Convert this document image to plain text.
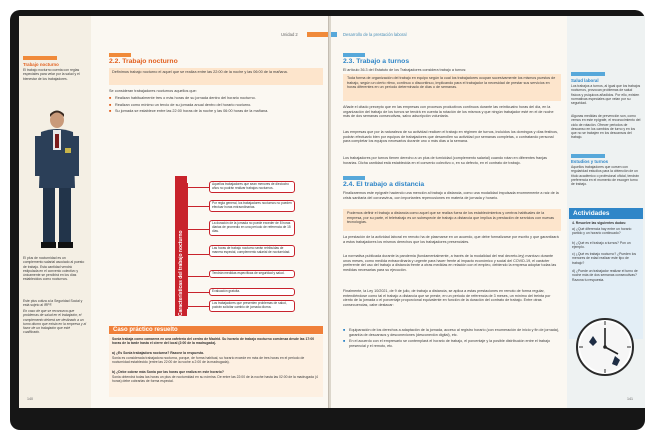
Unidad 2
Trabajo nocturno
El trabajo nocturno cuenta con reglas especiales para velar por la salud y el bienestar de los trabajadores.
El plus de nocturnidad es un complemento salarial asociado al puesto de trabajo. Esta cantidad vendrá estipulada en el convenio colectivo y únicamente se percibirá en los días establecidos como nocturnos.
Este plus cotiza a la Seguridad Social y está sujeto al IRPF.
En caso de que se reconozca que problemas de salud en el trabajador, el complemento deberá ser destinado a un turno diurno que exista en la empresa y al favor de un trabajador que esté cualificado.
2.2. Trabajo nocturno
Definimos trabajo nocturno el aquel que se realiza entre las 22:00 de la noche y las 06:00 de la mañana.
Se consideran trabajadores nocturnos aquellos que:
■ Realizan habitualmente tres o más horas de su jornada dentro del horario nocturno.
■ Realizan como mínimo un tercio de su jornada anual dentro del horario nocturno.
■ Su jornada se establece entre las 22:00 horas de la noche y las 06:00 horas de la mañana.
Aquellos trabajadores que sean menores de dieciocho años no podrán realizar trabajos nocturnos.
Por regla general, los trabajadores nocturnos no pueden efectuar horas extraordinarias.
La duración de la jornada no puede exceder de 8 horas diarias de promedio en una período de referencia de 15 días.
Las horas de trabajo nocturno serán retribuidas de manera especial, complemento salarial de nocturnidad.
Tendrán medidas específicas de seguridad y salud.
Evaluación gratuita.
Los trabajadores que presenten problemas de salud, podrán solicitar cambio de jornada diurna.
Caso práctico resuelto
Sonia trabaja como camarera en una cafetería del centro de Madrid. Su horario de trabajo nocturno comienza desde las 17:00 horas de la tarde hasta el cierre del local (2:00 de la madrugada).
a) ¿Es Sonia trabajadora nocturna? Razone la respuesta.
Sonia es considerada trabajadora nocturna, porque, de forma habitual, su horario excede en más de tres horas en el periodo de nocturnidad establecido (entre las 22:00 de la noche a 2:00 de la madrugada).
b) ¿Debe cobrar más Sonia por las horas que realiza en este horario?
Sonia obtendrá todas las horas un plus de nocturnidad en su nómina. De entre las 22:00 de la noche hasta las 02:00 de la madrugada (4 horas) debe cobrarlas de forma especial.
140
Desarrollo de la prestación laboral
2.3. Trabajo a turnos
El artículo 36.3 del Estatuto de los Trabajadores considera trabajo a turnos:
Toda forma de organización del trabajo en equipo según la cual los trabajadores ocupan sucesivamente los mismos puestos de trabajo, según un cierto ritmo, continuo o discontinuo, implicando para el trabajador la necesidad de prestar sus servicios en horas diferentes en un período determinado de días o de semanas.
Añade el citado precepto que en las empresas con procesos productivos continuos durante las veinticuatro horas del día, en la organización del trabajo de los turnos se tendrá en cuenta la rotación de los mismos y que ningún trabajador esté en el de noche más de dos semanas consecutivas, salvo adscripción voluntaria.
Las empresas que por la naturaleza de su actividad realicen el trabajo en régimen de turnos, incluidos los domingos y días festivos, podrán efectuarlo bien por equipos de trabajadores que desarrollen su actividad por semanas completas, o contratando personal para completar los equipos necesarios durante uno o más días a la semana.
Los trabajadores por turnos tienen derecho a un plus de turnicidad (complemento salarial) cuando rotan en diferentes franjas horarias. Dicha cantidad está establecida en el convenio colectivo o, en su defecto, en el contrato de trabajo.
2.4. El trabajo a distancia
Finalizaremos este epígrafe haciendo una mención al trabajo a distancia, como una modalidad impulsada enormemente a raíz de la crisis sanitaria del coronavirus, con importantes repercusiones en materia de jornada y horario.
Podemos definir el trabajo a distancia como aquel que se realiza fuera de los establecimientos y centros habituales de la empresa, por su parte, el teletrabajo es un subespecie de trabajo a distancia que implica la prestación de servicios con nuevas tecnologías.
La prestación de la actividad laboral en remoto ha de plasmarse en un acuerdo, que debe formalizarse por escrito y que garantizará a estos trabajadores los mismos derechos que los trabajadores presenciales.
La normativa publicada durante la pandemia (fundamentalmente, a través de la modalidad del real decreto-ley) mantuvo durante unos meses, como medida extraordinaria y urgente para hacer frente al impacto económico y social del COVID-19, el carácter preferente del uso del trabajo a distancia frente a otras medidas en relación con el empleo, debiendo la empresa adoptar todas las medidas necesarias para su ejecución.
Finalmente, la Ley 10/2021, de 9 de julio, de trabajo a distancia, se aplica a estas prestaciones en remoto de forma regular, entendiéndose como tal el trabajo a distancia que se preste, en un periodo de referencia de 3 meses, un mínimo del treinta por ciento de la jornada o el porcentaje proporcional equivalente en función de la duración del contrato de trabajo. Entre otras consecuencias, cabe destacar:
■ Equiparación de los derechos a adaptación de la jornada, acceso al registro horario (con enumeración de inicio y fin de jornada), garantía de descansos y desconexiones (desconexión digital), etc.
■ En el acuerdo con el empresario se contemplará el horario de trabajo, el porcentaje y la posible distribución entre el trabajo presencial y el remoto, etc.
Salud laboral
Los trabajos a turnos, al igual que los trabajos nocturnos, provocan problemas de salud físicos y psíquicos añadidos. Por ello, existen normativas especiales que velan por su seguridad.
Algunas medidas de prevención son, como vemos en este epígrafe, el reconocimiento del ciclo de rotación. Ofrecer periodos de descanso en los cambios de turno y en los que no se trabajen en los descansos del trabajo.
Estudios y turnos
Aquellos trabajadores que cursen con regularidad estudios para la obtención de un título académico o profesional oficial, tendrán preferencia en el momento de escoger turno de trabajo.
Actividades
4. Resuelve las siguientes dudas:
a) ¿Qué diferencia hay entre un horario partido y un horario continuado?
b) ¿Qué es el trabajo a turnos? Pon un ejemplo.
c) ¿Qué es trabajo nocturno? ¿Pueden los menores de edad realizar este tipo de trabajo?
d) ¿Puede un trabajador realizar el turno de noche más de dos semanas consecutivas? Razona tu respuesta.
141
